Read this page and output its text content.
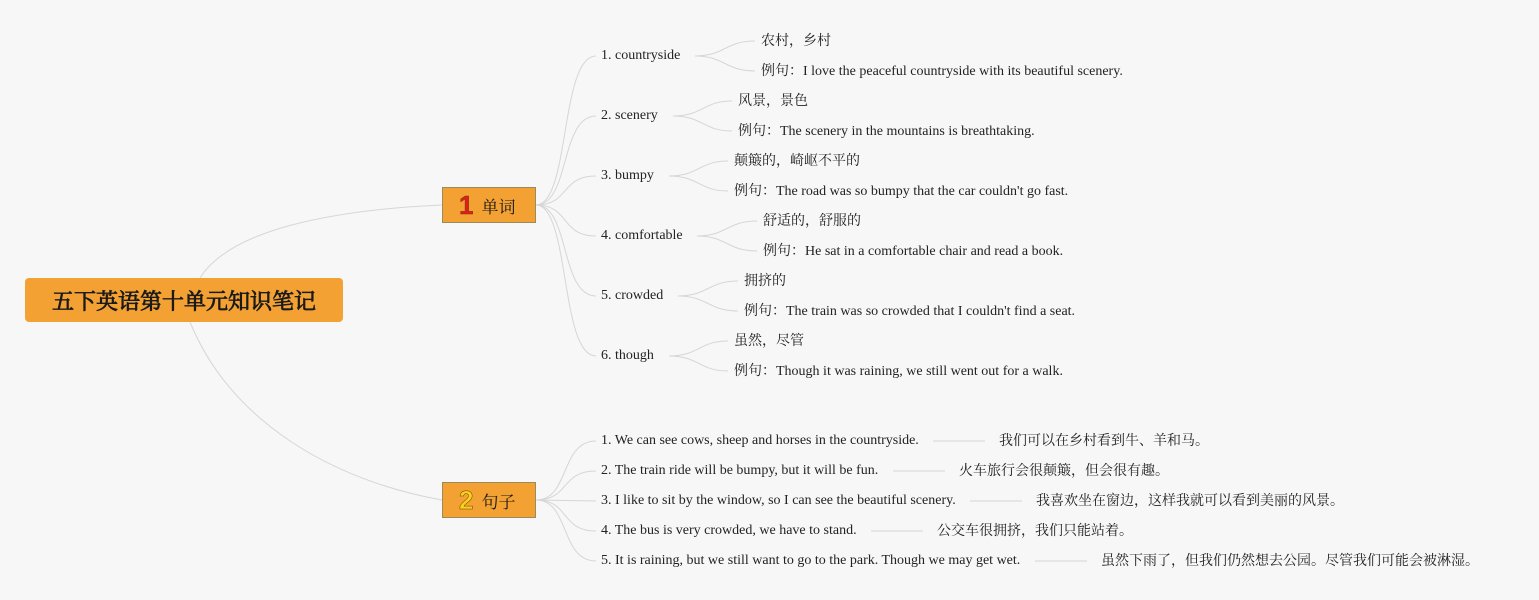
五下英语第十单元知识笔记
1 单词
2 句子
1. countryside
农村，乡村
例句：I love the peaceful countryside with its beautiful scenery.
2. scenery
风景，景色
例句：The scenery in the mountains is breathtaking.
3. bumpy
颠簸的，崎岖不平的
例句：The road was so bumpy that the car couldn't go fast.
4. comfortable
舒适的，舒服的
例句：He sat in a comfortable chair and read a book.
5. crowded
拥挤的
例句：The train was so crowded that I couldn't find a seat.
6. though
虽然，尽管
例句：Though it was raining, we still went out for a walk.
1. We can see cows, sheep and horses in the countryside.	我们可以在乡村看到牛、羊和马。
2. The train ride will be bumpy, but it will be fun.	火车旅行会很颠簸，但会很有趣。
3. I like to sit by the window, so I can see the beautiful scenery.	我喜欢坐在窗边，这样我就可以看到美丽的风景。
4. The bus is very crowded, we have to stand.	公交车很拥挤，我们只能站着。
5. It is raining, but we still want to go to the park. Though we may get wet.	虽然下雨了，但我们仍然想去公园。尽管我们可能会被淋湿。
